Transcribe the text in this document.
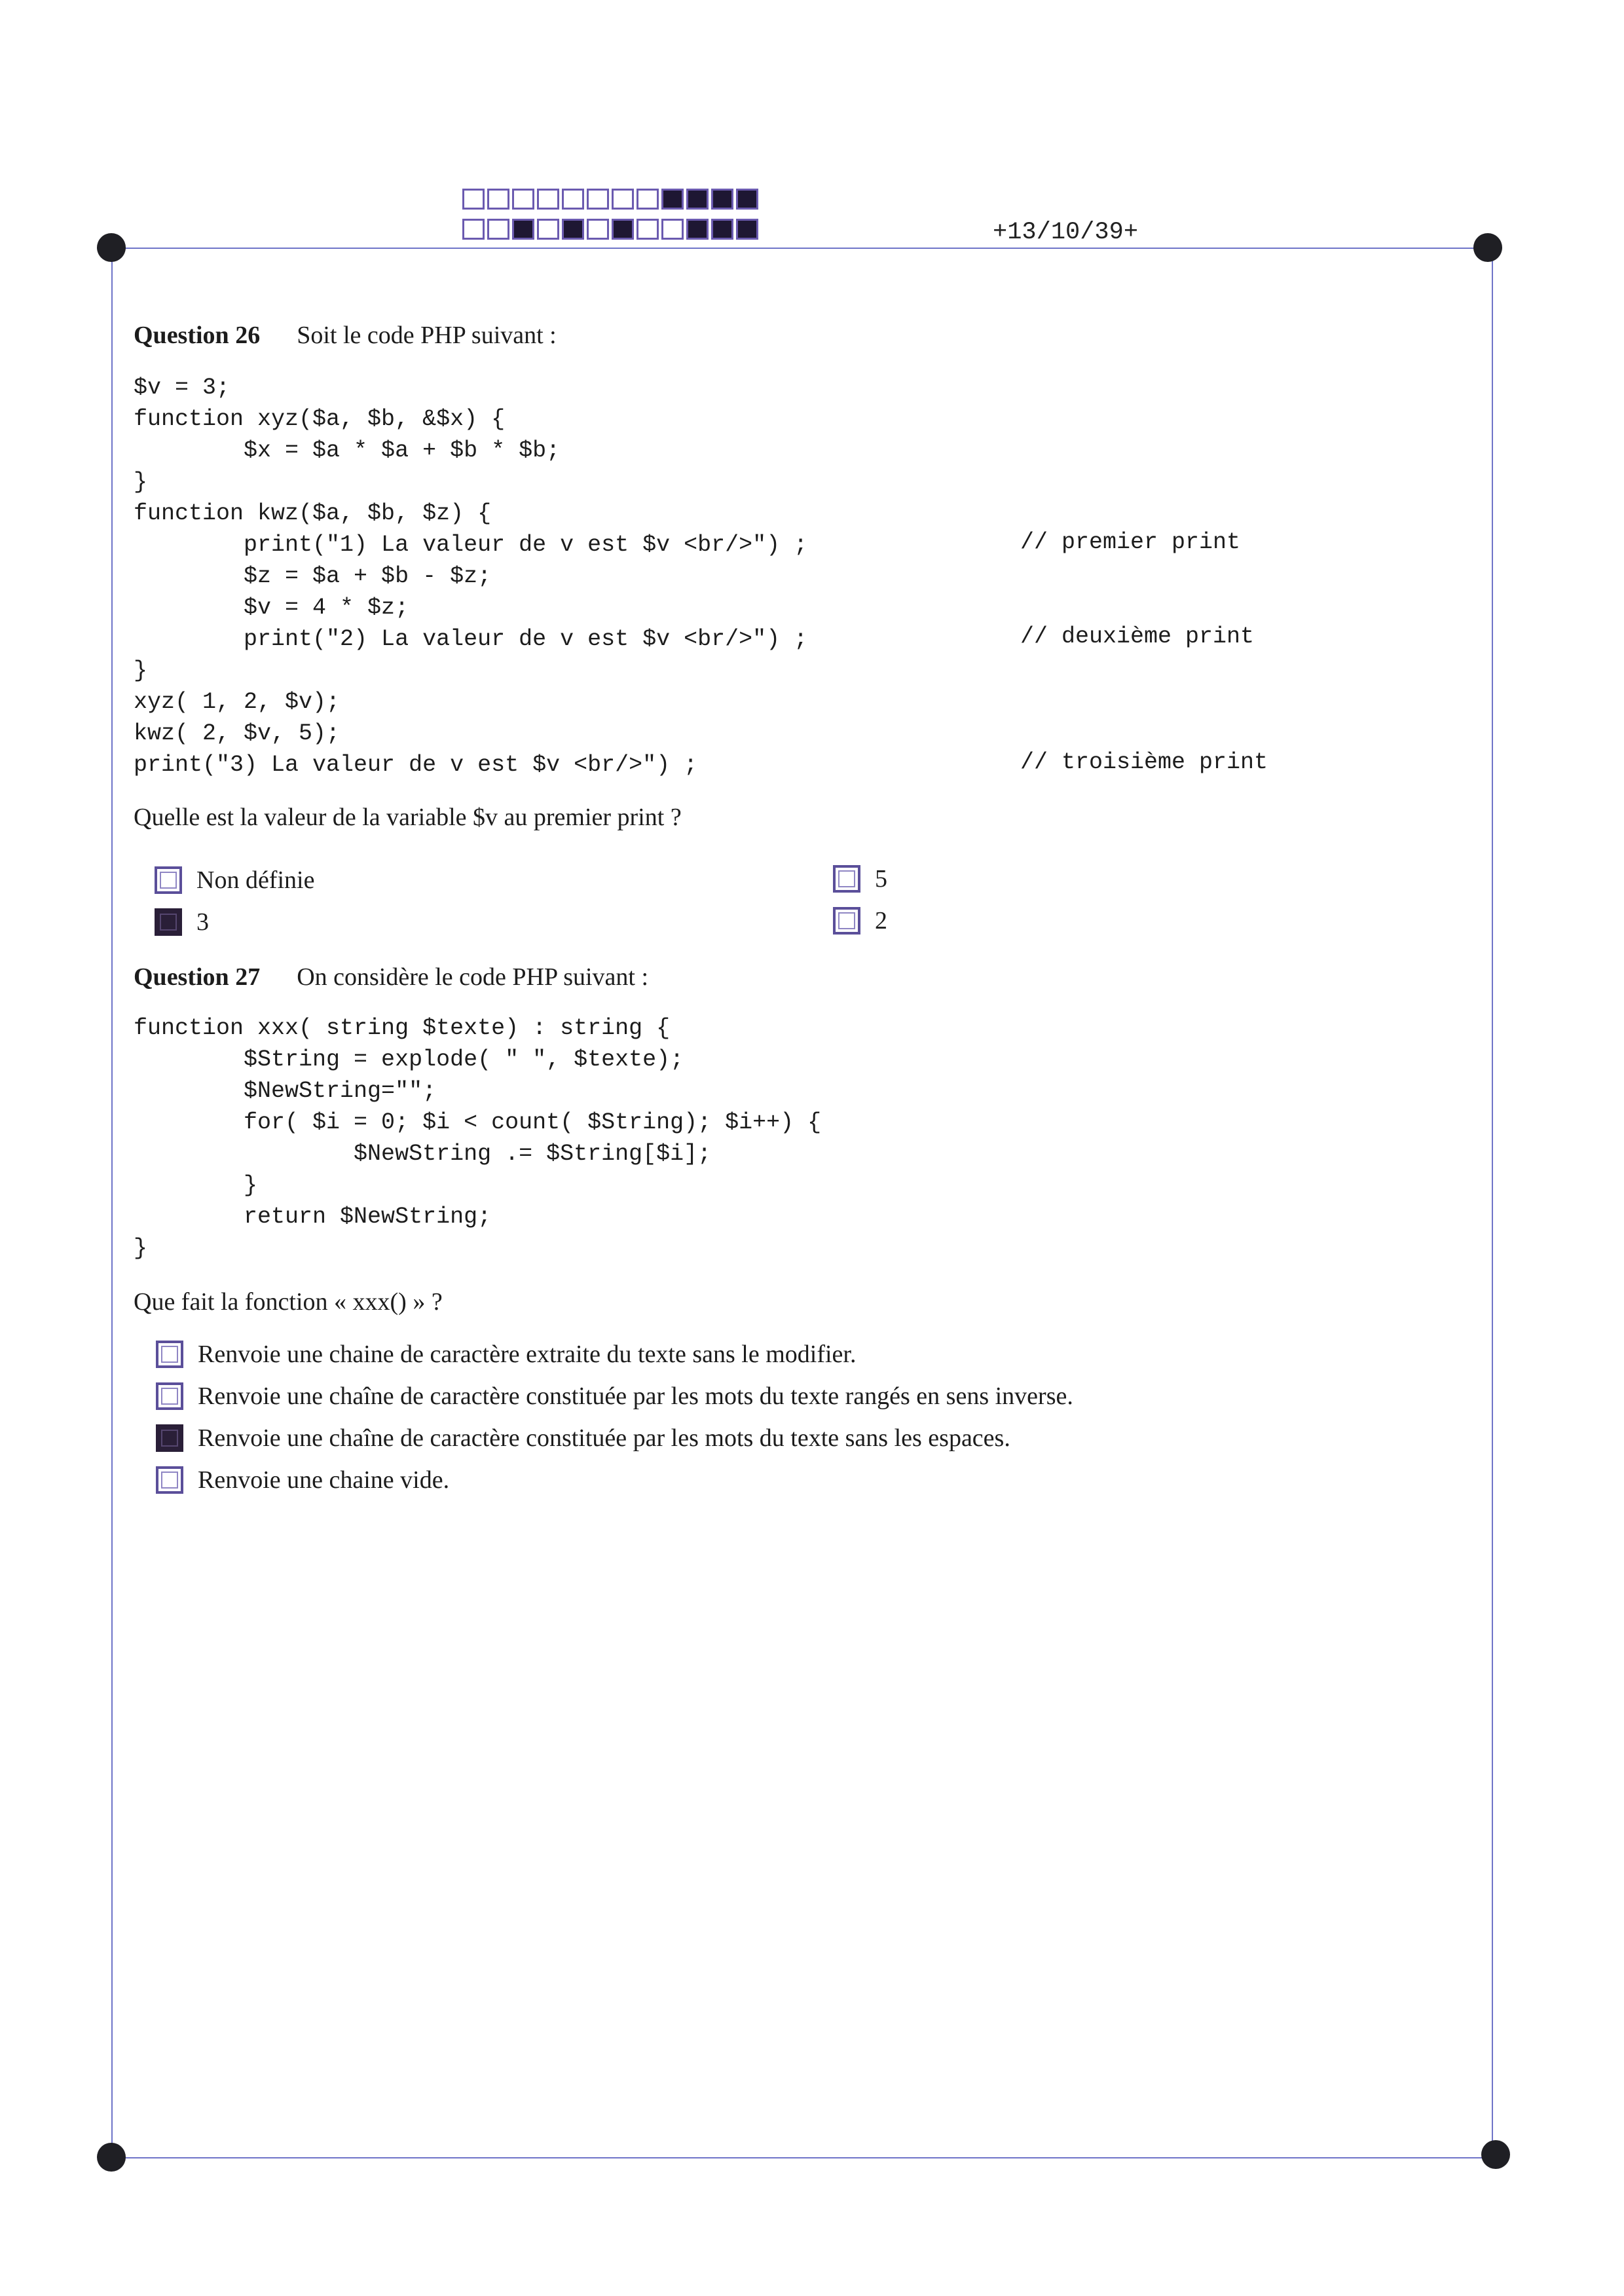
+13/10/39+
Question 26 Soit le code PHP suivant :
$v = 3;
function xyz($a, $b, &$x) {
$x = $a * $a + $b * $b;
}
function kwz($a, $b, $z) {
print("1) La valeur de v est $v <br/>") ;
$z = $a + $b - $z;
$v = 4 * $z;
print("2) La valeur de v est $v <br/>") ;
}
xyz( 1, 2, $v);
kwz( 2, $v, 5);
print("3) La valeur de v est $v <br/>") ;
// premier print
// deuxième print
// troisième print
Quelle est la valeur de la variable $v au premier print ?
Non définie
3
5
2
Question 27 On considère le code PHP suivant :
function xxx( string $texte) : string {
$String = explode( " ", $texte);
$NewString="";
for( $i = 0; $i < count( $String); $i++) {
$NewString .= $String[$i];
}
return $NewString;
}
Que fait la fonction « xxx() » ?
Renvoie une chaine de caractère extraite du texte sans le modifier.
Renvoie une chaîne de caractère constituée par les mots du texte rangés en sens inverse.
Renvoie une chaîne de caractère constituée par les mots du texte sans les espaces.
Renvoie une chaine vide.
